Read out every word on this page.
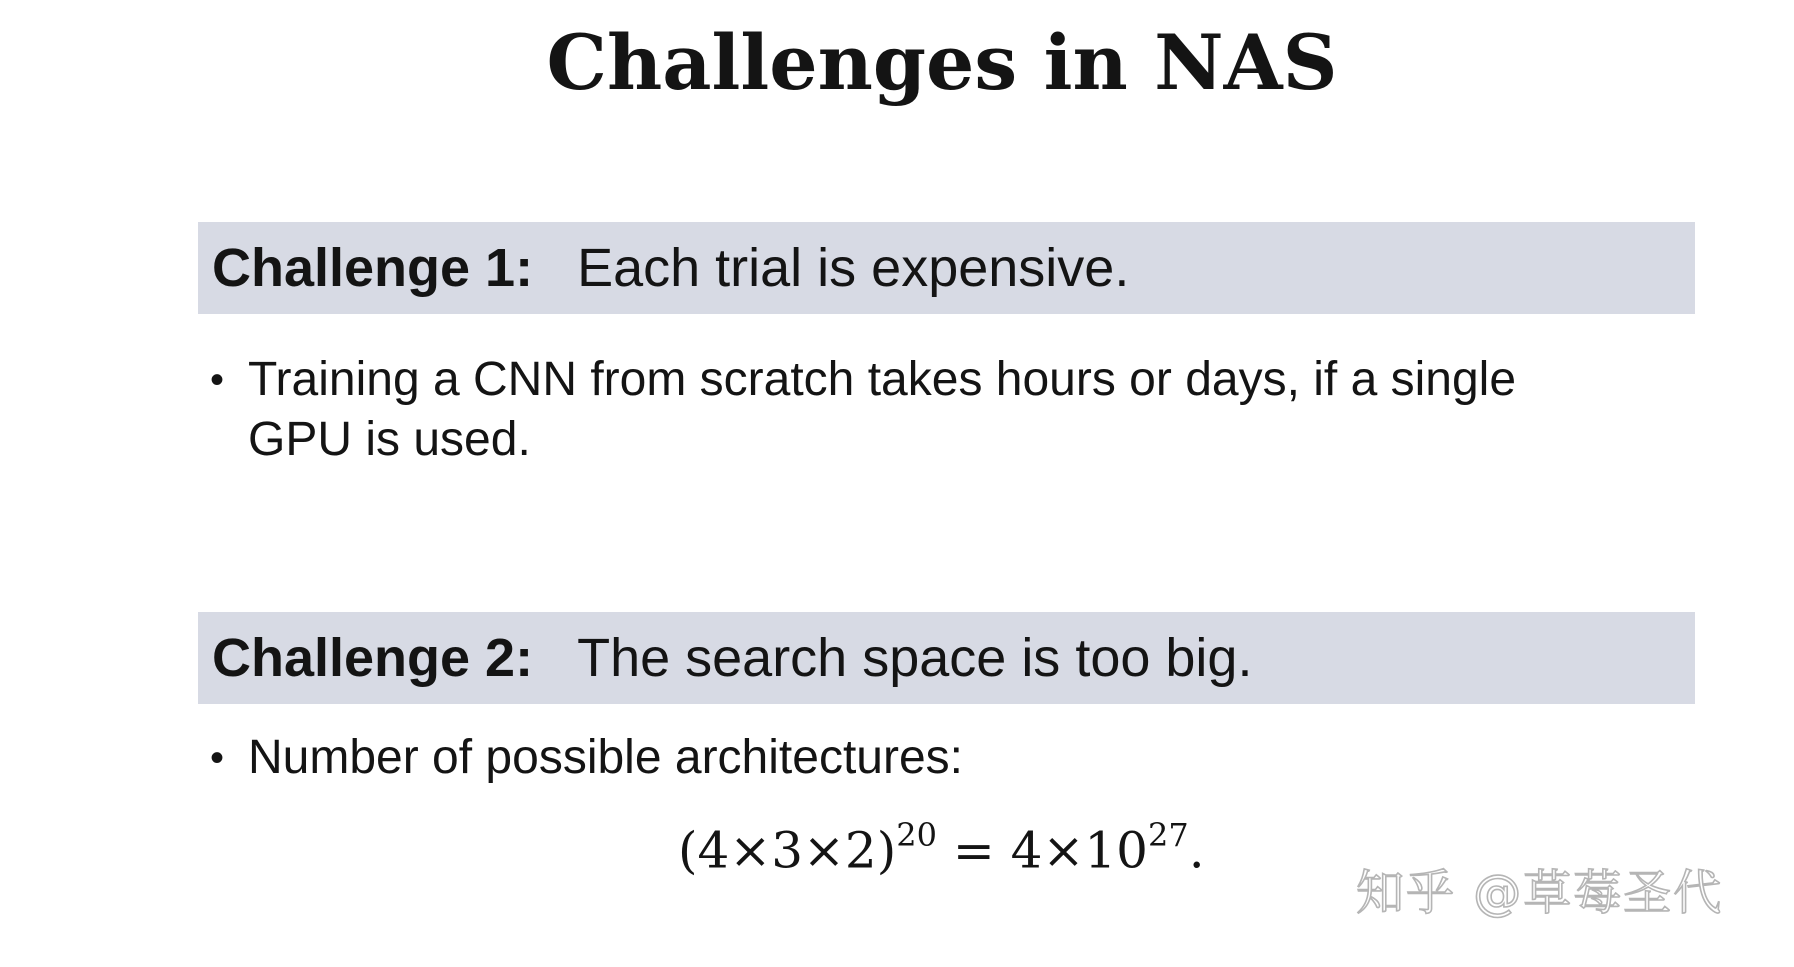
Challenges in NAS
Challenge 1: Each trial is expensive.
• Training a CNN from scratch takes hours or days, if a single GPU is used.
Challenge 2: The search space is too big.
• Number of possible architectures:
$(4\times 3\times 2)^{20} = 4\times 10^{27}$.
知乎 @草莓圣代
